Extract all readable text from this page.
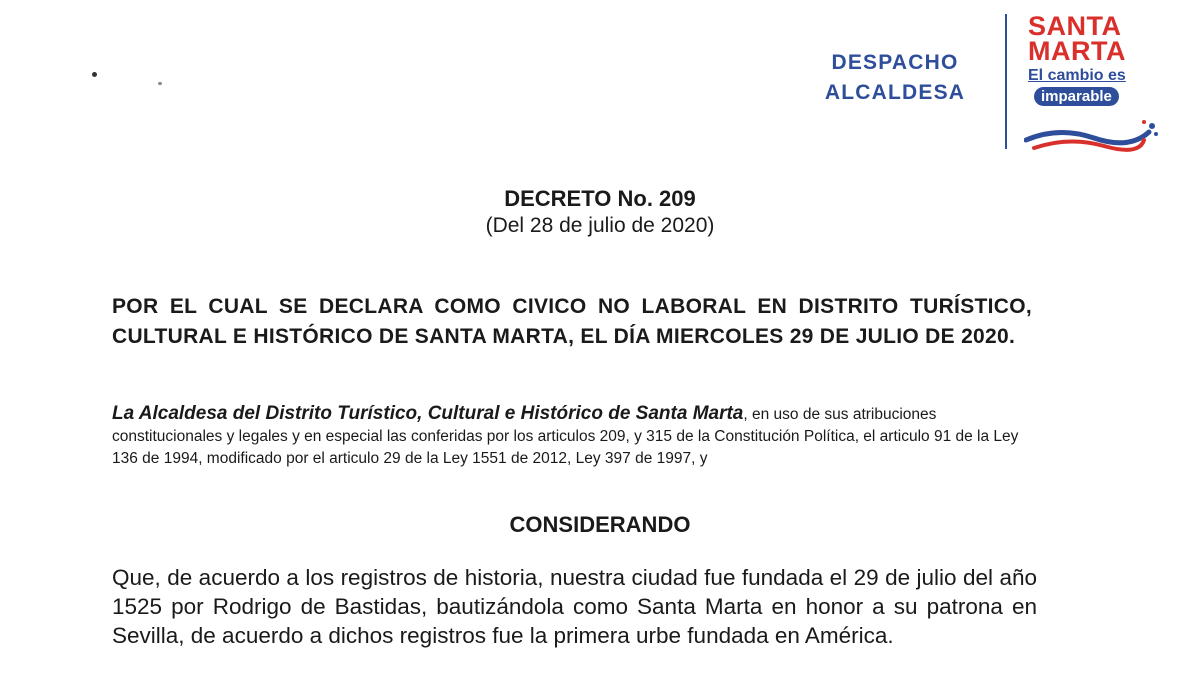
DESPACHO
ALCALDESA
SANTA
MARTA
El cambio es
imparable
DECRETO No. 209
(Del 28 de julio de 2020)
POR EL CUAL SE DECLARA COMO CIVICO NO LABORAL EN DISTRITO TURÍSTICO, CULTURAL E HISTÓRICO DE SANTA MARTA, EL DÍA MIERCOLES 29 DE JULIO DE 2020.
La Alcaldesa del Distrito Turístico, Cultural e Histórico de Santa Marta, en uso de sus atribuciones constitucionales y legales y en especial las conferidas por los articulos 209, y 315 de la Constitución Política, el articulo 91 de la Ley 136 de 1994, modificado por el articulo 29 de la Ley 1551 de 2012, Ley 397 de 1997, y
CONSIDERANDO
Que, de acuerdo a los registros de historia, nuestra ciudad fue fundada el 29 de julio del año 1525 por Rodrigo de Bastidas, bautizándola como Santa Marta en honor a su patrona en Sevilla, de acuerdo a dichos registros fue la primera urbe fundada en América.
